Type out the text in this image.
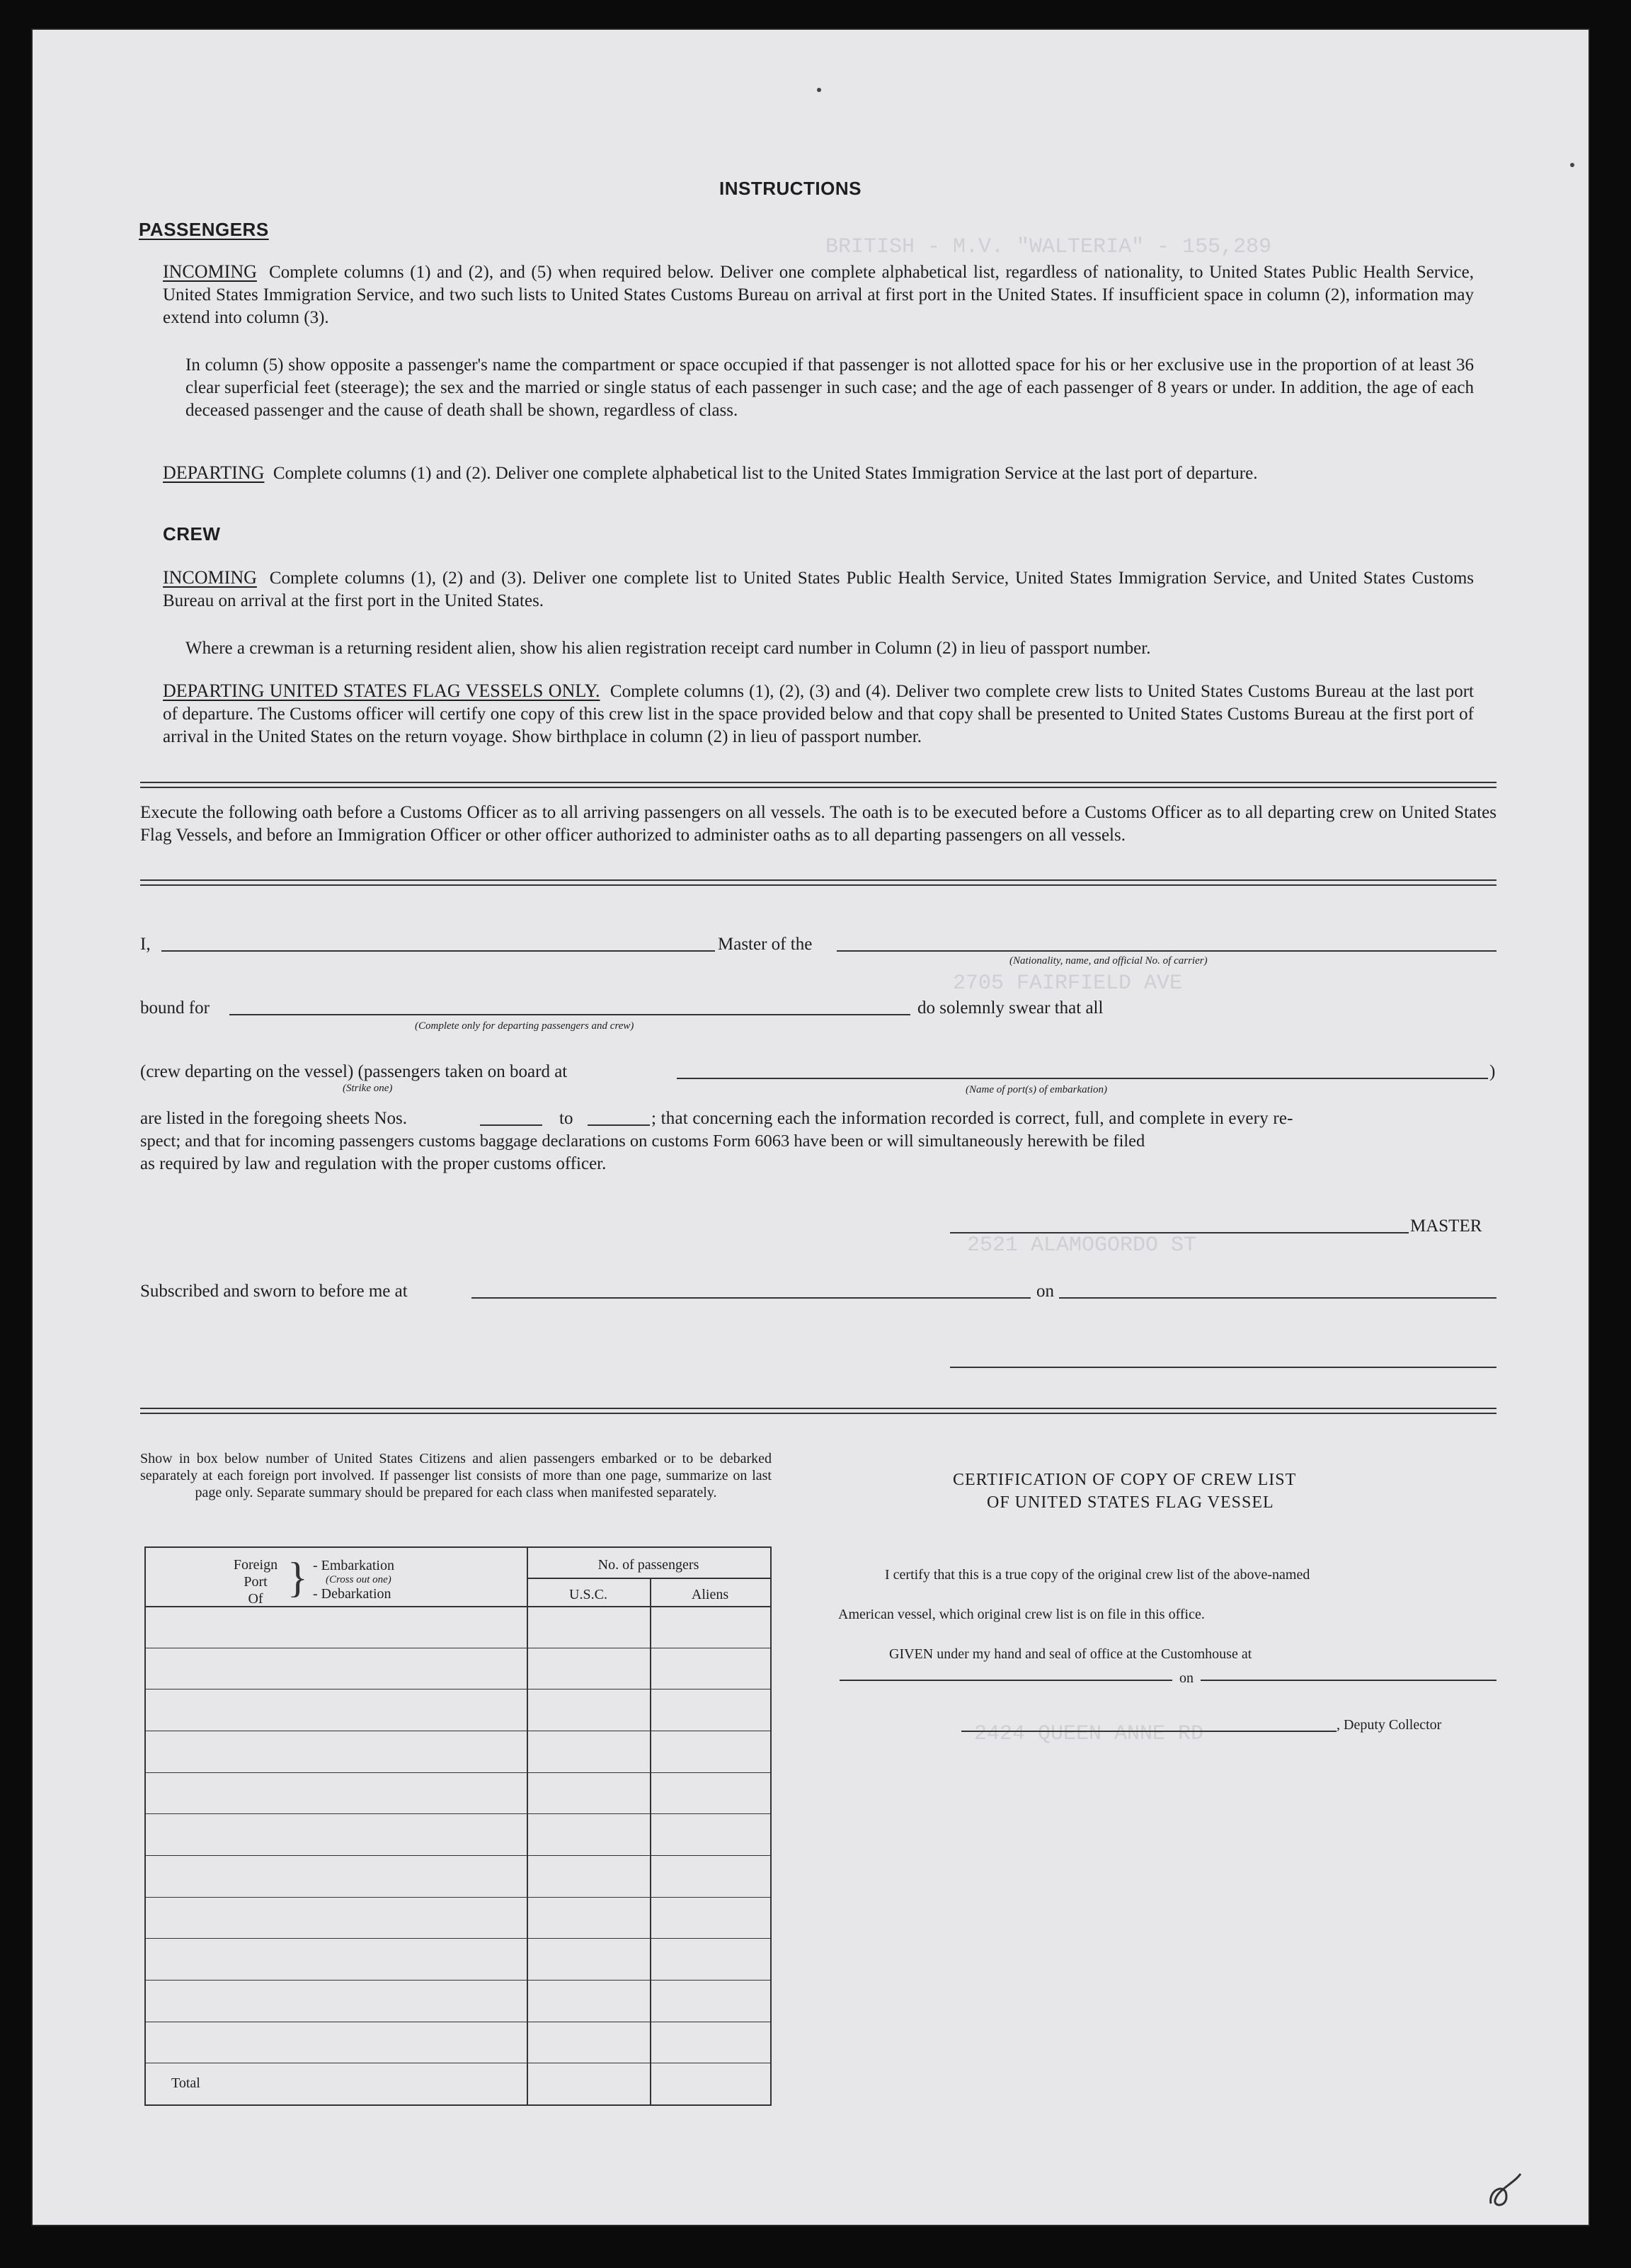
BRITISH - M.V. "WALTERIA" - 155,289
2705 FAIRFIELD AVE
2521 ALAMOGORDO ST
2424 QUEEN ANNE RD
INSTRUCTIONS
PASSENGERS
INCOMING Complete columns (1) and (2), and (5) when required below. Deliver one complete alphabetical list, regardless of nationality, to United States Public Health Service, United States Immigration Service, and two such lists to United States Customs Bureau on arrival at first port in the United States. If insufficient space in column (2), information may extend into column (3).
In column (5) show opposite a passenger's name the compartment or space occupied if that passenger is not allotted space for his or her exclusive use in the proportion of at least 36 clear superficial feet (steerage); the sex and the married or single status of each passenger in such case; and the age of each passenger of 8 years or under. In addition, the age of each deceased passenger and the cause of death shall be shown, regardless of class.
DEPARTING Complete columns (1) and (2). Deliver one complete alphabetical list to the United States Immigration Service at the last port of departure.
CREW
INCOMING Complete columns (1), (2) and (3). Deliver one complete list to United States Public Health Service, United States Immigration Service, and United States Customs Bureau on arrival at the first port in the United States.
Where a crewman is a returning resident alien, show his alien registration receipt card number in Column (2) in lieu of passport number.
DEPARTING UNITED STATES FLAG VESSELS ONLY. Complete columns (1), (2), (3) and (4). Deliver two complete crew lists to United States Customs Bureau at the last port of departure. The Customs officer will certify one copy of this crew list in the space provided below and that copy shall be presented to United States Customs Bureau at the first port of arrival in the United States on the return voyage. Show birthplace in column (2) in lieu of passport number.
Execute the following oath before a Customs Officer as to all arriving passengers on all vessels. The oath is to be executed before a Customs Officer as to all departing crew on United States Flag Vessels, and before an Immigration Officer or other officer authorized to administer oaths as to all departing passengers on all vessels.
I,	Master of the
(Nationality, name, and official No. of carrier)
bound for
(Complete only for departing passengers and crew)
do solemnly swear that all
(crew departing on the vessel) (passengers taken on board at
(Strike one)
)
(Name of port(s) of embarkation)
are listed in the foregoing sheets Nos.	to	; that concerning each the information recorded is correct, full, and complete in every re-
spect; and that for incoming passengers customs baggage declarations on customs Form 6063 have been or will simultaneously herewith be filed
as required by law and regulation with the proper customs officer.
MASTER
Subscribed and sworn to before me at	on
Show in box below number of United States Citizens and alien passengers embarked or to be debarked separately at each foreign port involved. If passenger list consists of more than one page, summarize on last page only. Separate summary should be prepared for each class when manifested separately.
Foreign
Port
Of } - Embarkation
(Cross out one)
- Debarkation
No. of passengers
U.S.C.	Aliens
Total
CERTIFICATION OF COPY OF CREW LIST
OF UNITED STATES FLAG VESSEL
I certify that this is a true copy of the original crew list of the above-named
American vessel, which original crew list is on file in this office.
GIVEN under my hand and seal of office at the Customhouse at
on
, Deputy Collector
